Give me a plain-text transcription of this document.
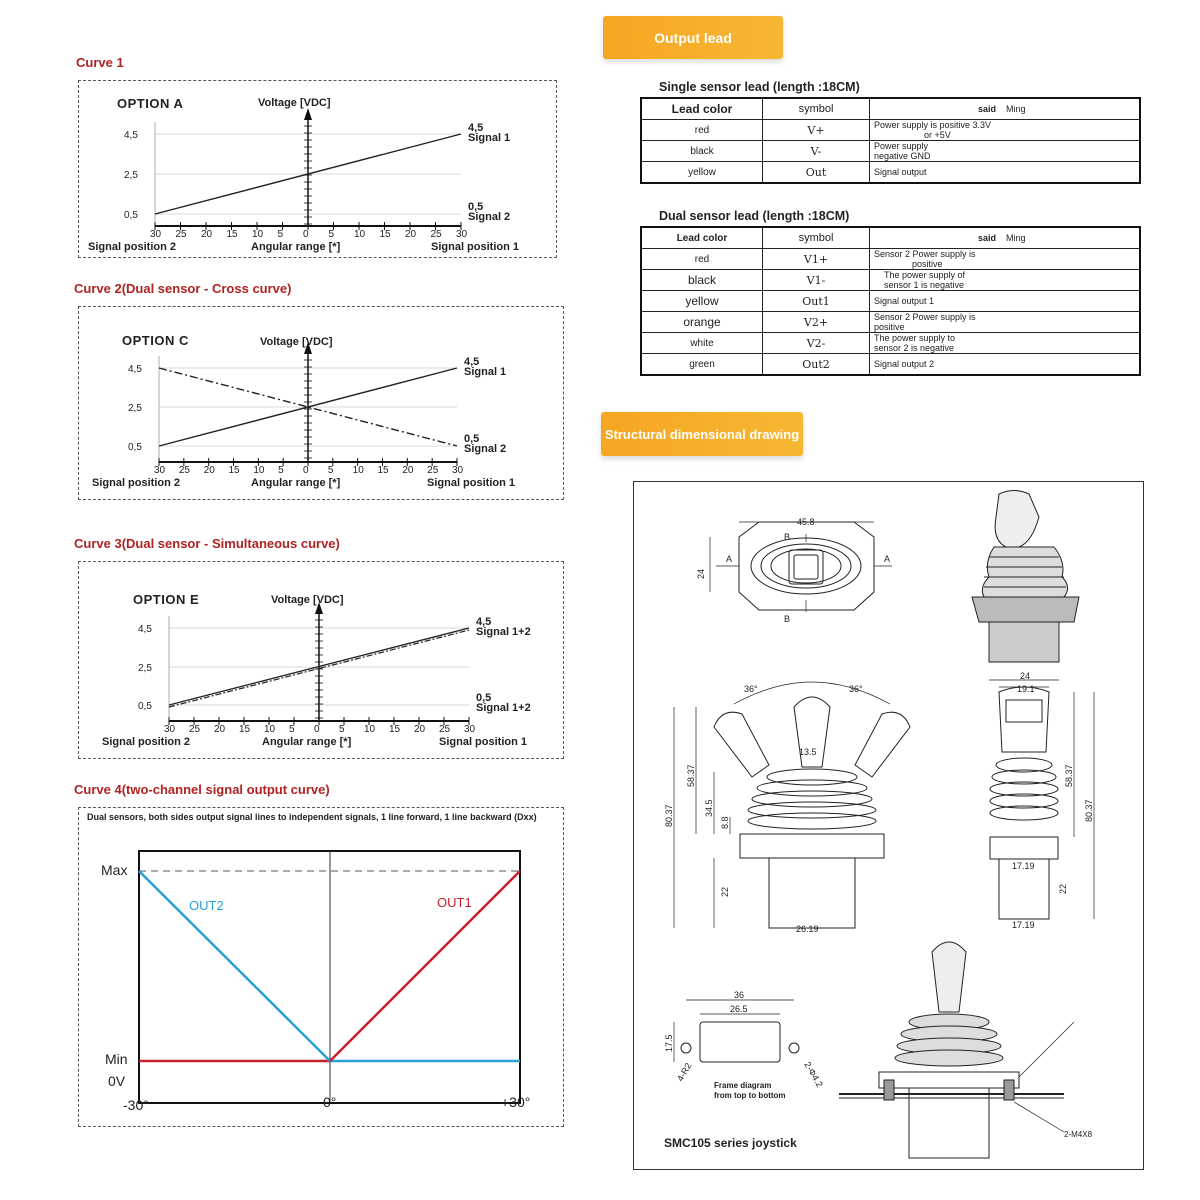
Curve 1
30 25 20 15 10 5 0 5 10 15 20 25 30
4,5
2,5
0,5
OPTION A	Voltage [VDC]
4,5
Signal 1
0,5
Signal 2
Signal position 2	Angular range [*]	Signal position 1
Curve 2(Dual sensor - Cross curve)
30 25 20 15 10 5 0 5 10 15 20 25 30
4,5
2,5
0,5
OPTION C	Voltage [VDC]
4,5
Signal 1
0,5
Signal 2
Signal position 2	Angular range [*]	Signal position 1
Curve 3(Dual sensor - Simultaneous curve)
30 25 20 15 10 5 0 5 10 15 20 25 30
4,5
2,5
0,5
OPTION E	Voltage [VDC]
4,5
Signal 1+2
0,5
Signal 1+2
Signal position 2	Angular range [*]	Signal position 1
Curve 4(two-channel signal output curve)
Dual sensors, both sides output signal lines to independent signals, 1 line forward, 1 line backward (Dxx)
Max
Min
0V
-30°	0°	+30°
OUT2	OUT1
Output lead
Single sensor lead (length :18CM)
Lead color	symbol	said Ming
red	V+	Power supply is positive 3.3V
or +5V

black	V-	Power supply
negative GND

yellow	Out	Signal output
Dual sensor lead (length :18CM)
Lead color	symbol	said Ming
red	V1+	Sensor 2 Power supply is
positive

black	V1-	The power supply of
sensor 1 is negative

yellow	Out1	Signal output 1

orange	V2+	Sensor 2 Power supply is
positive

white	V2-	The power supply to
sensor 2 is negative

green	Out2	Signal output 2
Structural dimensional drawing
45.8
24
A	A
B
B
36°	36°
80.37
58.37
34.5
13.5
8.8
22
26.19
24
19.1
58.37
80.37
22
17.19
17.19
36
26.5
17.5
4-R2	2-Φ4.2
Frame diagram
from top to bottom
2-M4X8
SMC105 series joystick
